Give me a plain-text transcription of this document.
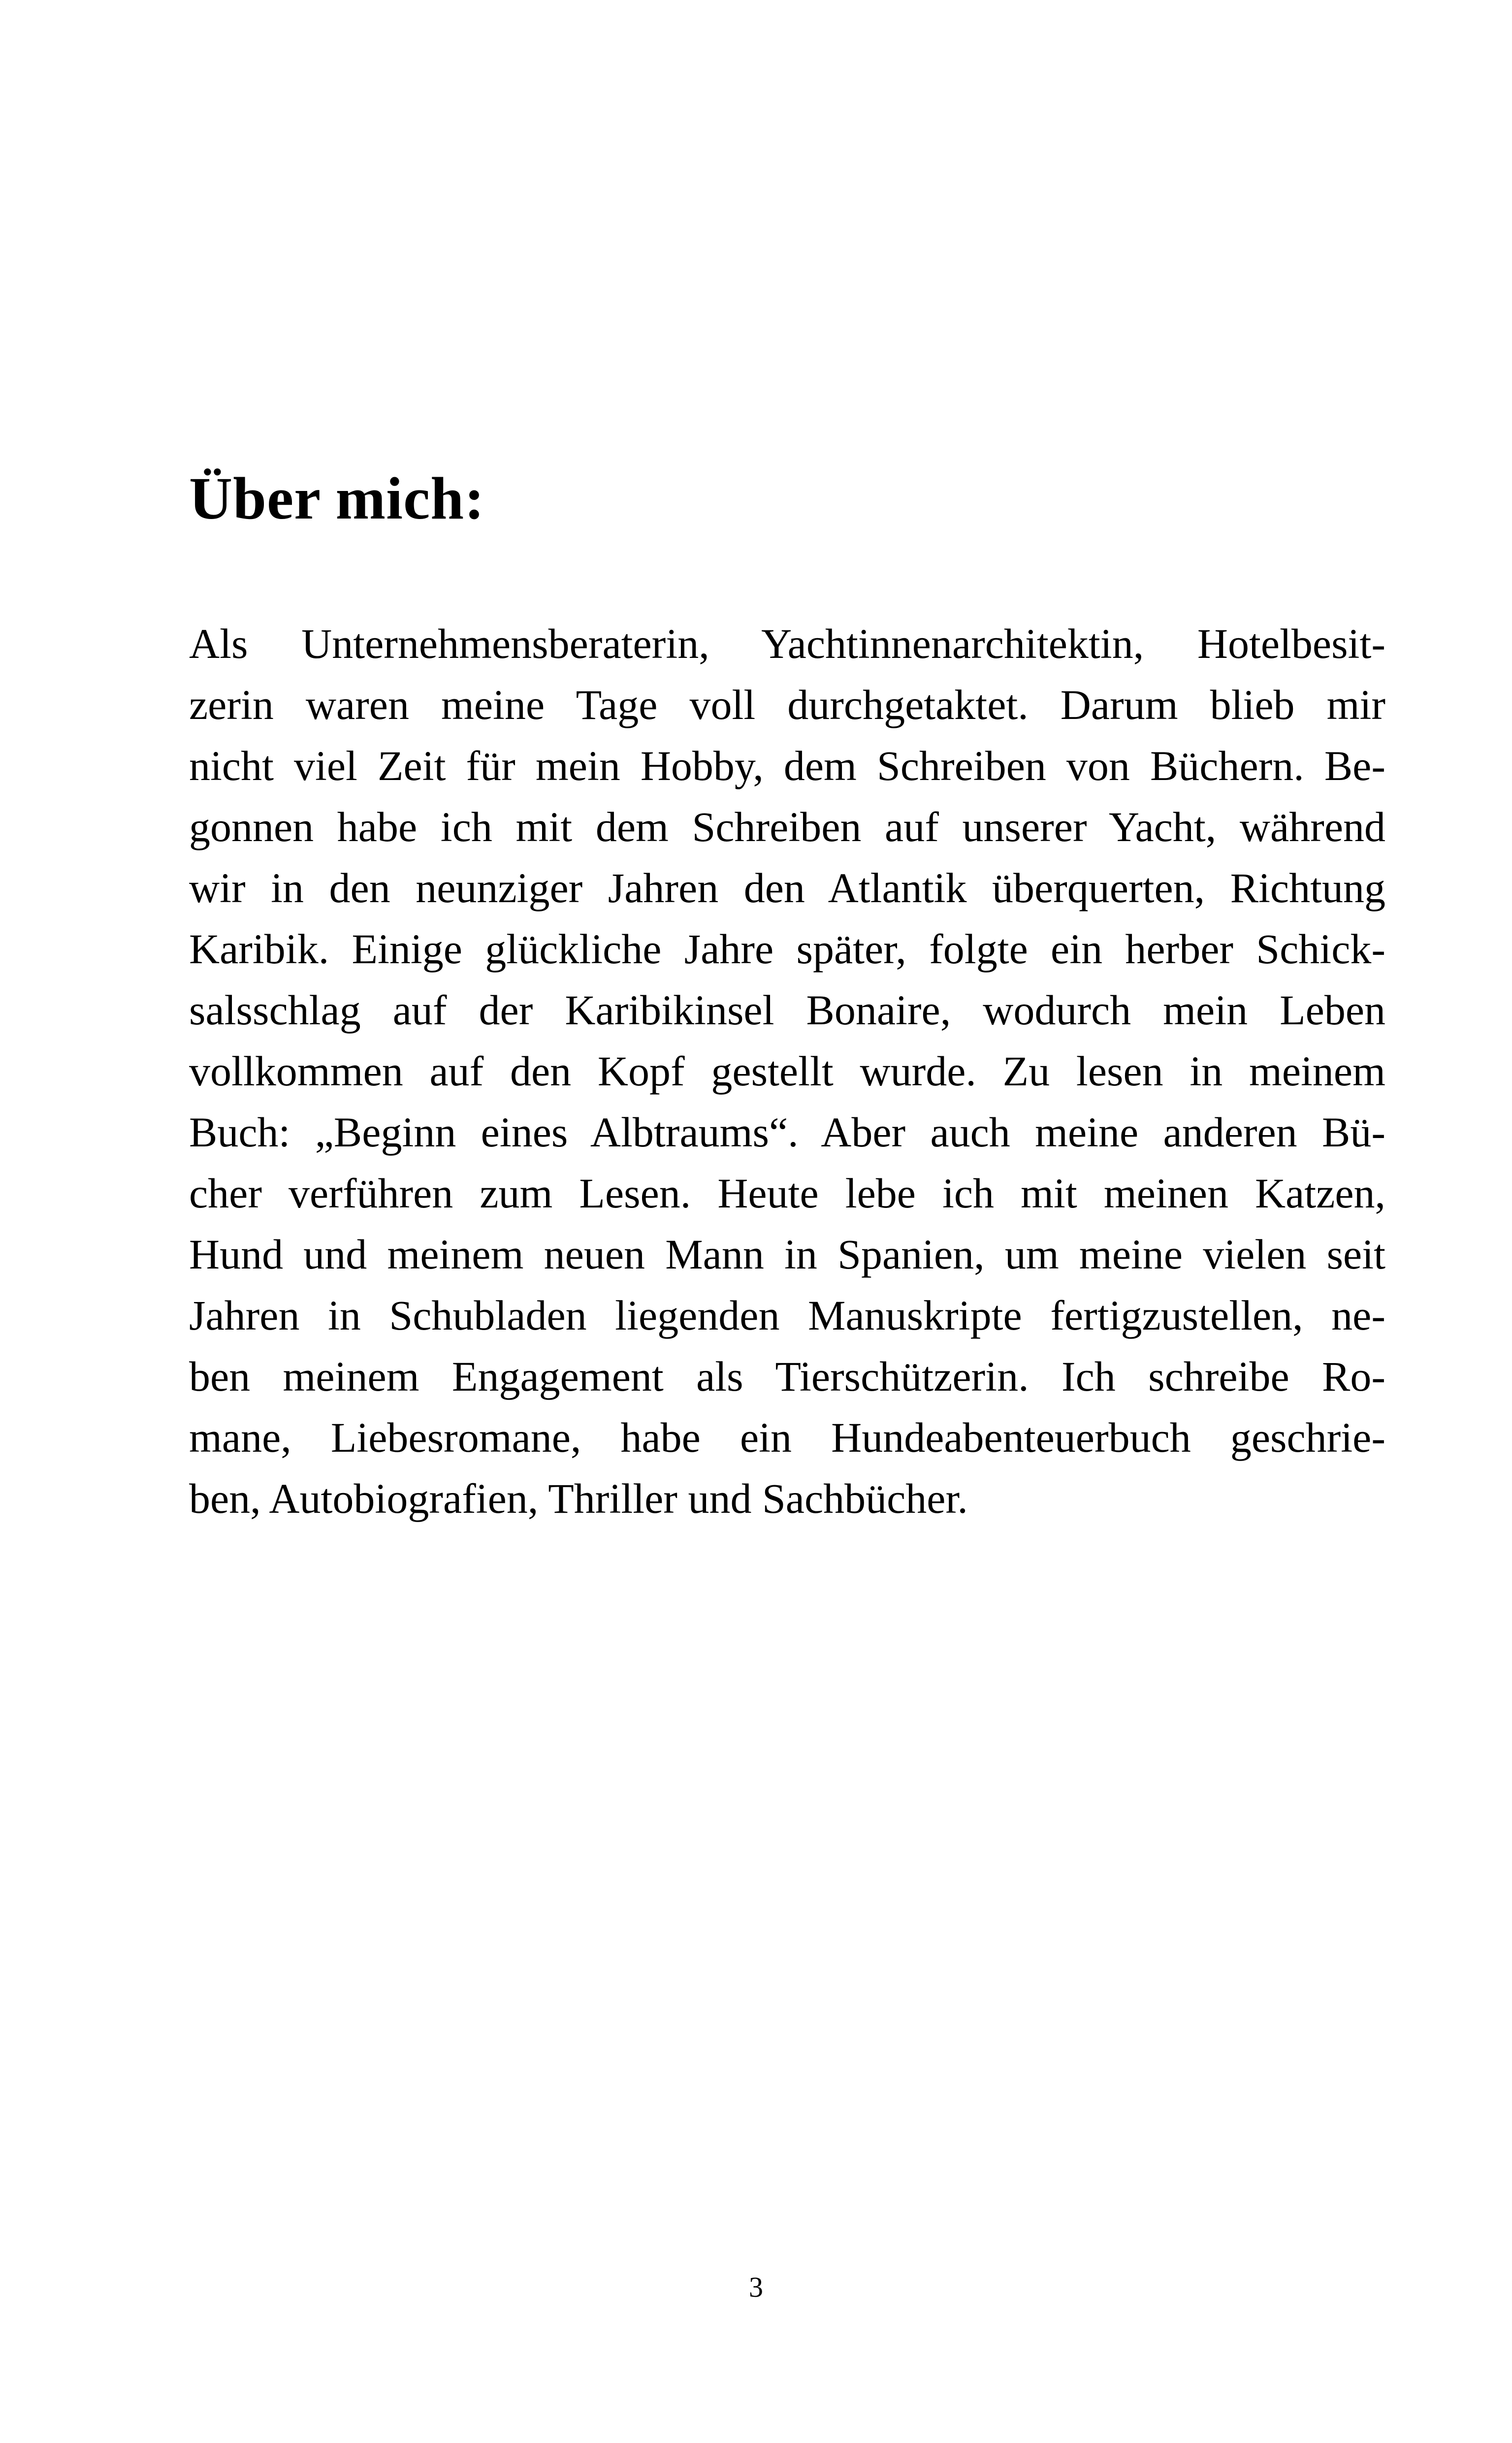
Über mich:
Als Unternehmensberaterin, Yachtinnenarchitektin, Hotelbesit-
zerin waren meine Tage voll durchgetaktet. Darum blieb mir
nicht viel Zeit für mein Hobby, dem Schreiben von Büchern. Be-
gonnen habe ich mit dem Schreiben auf unserer Yacht, während
wir in den neunziger Jahren den Atlantik überquerten, Richtung
Karibik. Einige glückliche Jahre später, folgte ein herber Schick-
salsschlag auf der Karibikinsel Bonaire, wodurch mein Leben
vollkommen auf den Kopf gestellt wurde. Zu lesen in meinem
Buch: „Beginn eines Albtraums“. Aber auch meine anderen Bü-
cher verführen zum Lesen. Heute lebe ich mit meinen Katzen,
Hund und meinem neuen Mann in Spanien, um meine vielen seit
Jahren in Schubladen liegenden Manuskripte fertigzustellen, ne-
ben meinem Engagement als Tierschützerin. Ich schreibe Ro-
mane, Liebesromane, habe ein Hundeabenteuerbuch geschrie-
ben, Autobiografien, Thriller und Sachbücher.
3
